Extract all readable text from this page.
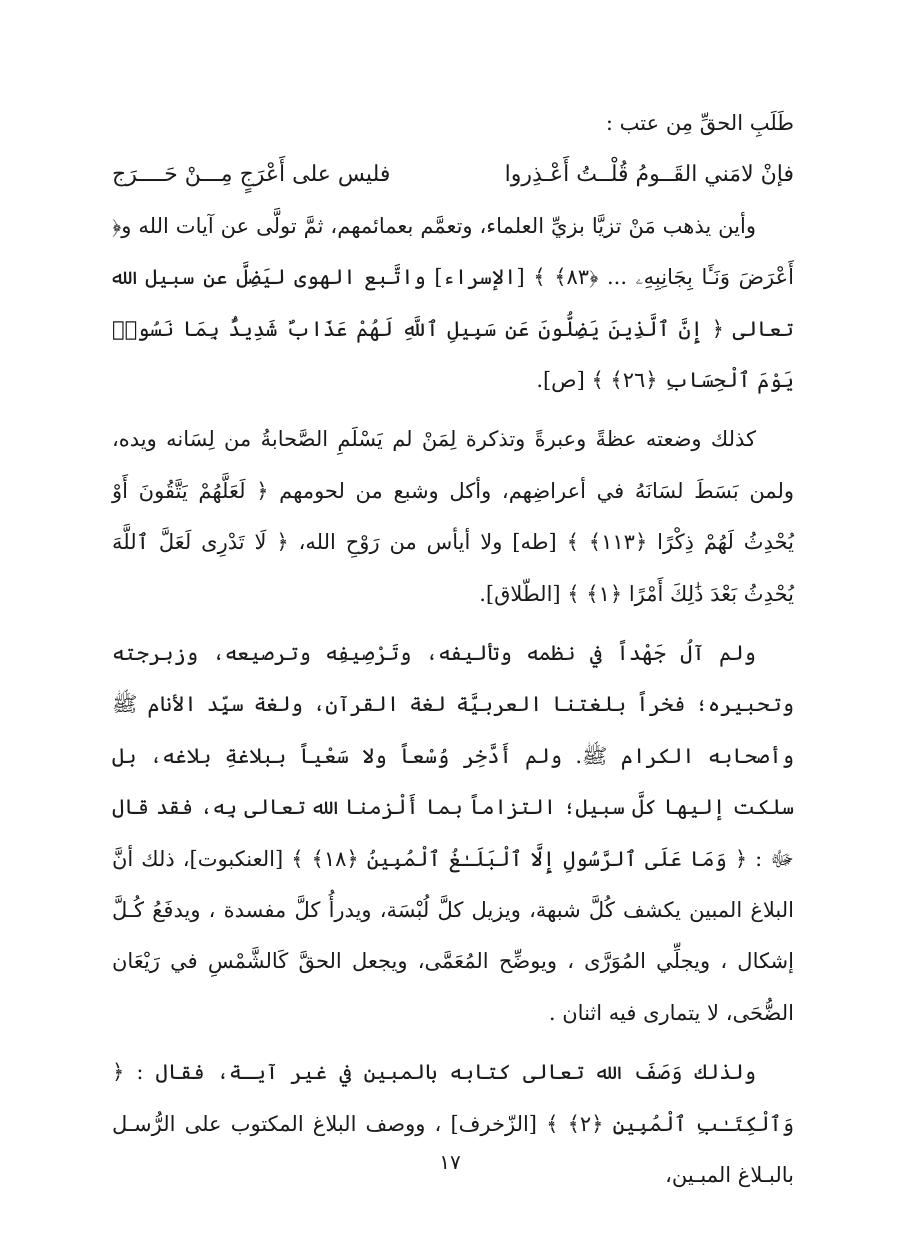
طَلَبِ الحقِّ مِن عتب :
فإنْ لامَني القَــومُ قُلْــتُ أَعْـذِروا
فليس على أَعْرَجٍ مِـــنْ حَــــرَج

وأين يذهب مَنْ تزيَّا بزيِّ العلماء، وتعمَّم بعمائمهم، ثمَّ تولَّى عن آيات الله و﴿ أَعْرَضَ وَنَـَٔا بِجَانِبِهِۦ ... ﴿٨٣﴾ ﴾ [الإسراء] واتَّبع الهوى ليَضِلَّ عن سبيل الله تعالى ﴿ إِنَّ ٱلَّذِينَ يَضِلُّونَ عَن سَبِيلِ ٱللَّهِ لَهُمْ عَذَابٌ شَدِيدٌۢ بِمَا نَسُوا۟ يَوْمَ ٱلْحِسَابِ ﴿٢٦﴾ ﴾ [ص].

كذلك وضعته عظةً وعبرةً وتذكرة لِمَنْ لم يَسْلَمِ الصَّحابةُ من لِسَانه ويده، ولمن بَسَطَ لسَانَهُ في أعراضِهم، وأكل وشبع من لحومهم ﴿ لَعَلَّهُمْ يَتَّقُونَ أَوْ يُحْدِثُ لَهُمْ ذِكْرًا ﴿١١٣﴾ ﴾ [طه] ولا أيأس من رَوْحِ الله، ﴿ لَا تَدْرِى لَعَلَّ ٱللَّهَ يُحْدِثُ بَعْدَ ذَٰلِكَ أَمْرًا ﴿١﴾ ﴾ [الطّلاق].

ولم آلُ جَهْداً في نظمه وتأليفه، وتَرْصِيفِه وترصيعه، وزبرجته وتحبيره؛ فخراً بلغتنا العربيَّة لغة القرآن، ولغة سيِّد الأنام ﷺ وأصحابه الكرام ﷺ. ولم أَدَّخِر وُسْعاً ولا سَعْياً ببلاغةِ بلاغه، بل سلكت إليها كلَّ سبيل؛ التزاماً بما أَلْزمنا الله تعالى بِه، فقد قال ﷻ : ﴿ وَمَا عَلَى ٱلرَّسُولِ إِلَّا ٱلْبَلَـٰغُ ٱلْمُبِينُ ﴿١٨﴾ ﴾ [العنكبوت]، ذلك أنَّ البلاغ المبين يكشف كُلَّ شبهة، ويزيل كلَّ لُبْسَة، ويدرأُ كلَّ مفسدة ، ويدفَعُ كُـلَّ إشكال ، ويجلِّي المُوَرَّى ، ويوضِّح المُعَمَّى، ويجعل الحقَّ كَالشَّمْسِ في رَيْعَان الضُّحَى، لا يتمارى فيه اثنان .

ولذلك وَصَفَ الله تعالى كتابه بالمبين في غير آيـة، فقال : ﴿ وَٱلْكِتَـٰبِ ٱلْمُبِينِ ﴿٢﴾ ﴾ [الزّخرف] ، ووصف البلاغ المكتوب على الرُّسـل بالبـلاغ المبـين،

١٧
